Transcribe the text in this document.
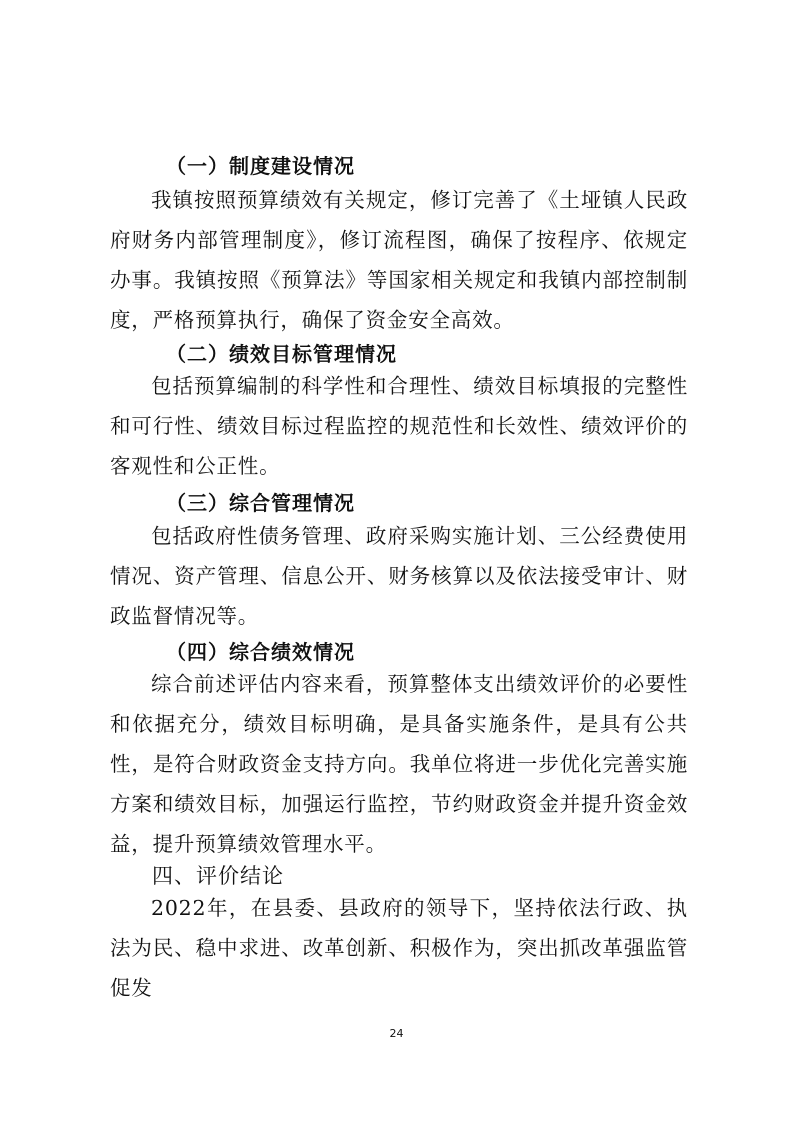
（一）制度建设情况
我镇按照预算绩效有关规定，修订完善了《土垭镇人民政府财务内部管理制度》，修订流程图，确保了按程序、依规定办事。我镇按照《预算法》等国家相关规定和我镇内部控制制度，严格预算执行，确保了资金安全高效。
（二）绩效目标管理情况
包括预算编制的科学性和合理性、绩效目标填报的完整性和可行性、绩效目标过程监控的规范性和长效性、绩效评价的客观性和公正性。
（三）综合管理情况
包括政府性债务管理、政府采购实施计划、三公经费使用情况、资产管理、信息公开、财务核算以及依法接受审计、财政监督情况等。
（四）综合绩效情况
综合前述评估内容来看，预算整体支出绩效评价的必要性和依据充分，绩效目标明确，是具备实施条件，是具有公共性，是符合财政资金支持方向。我单位将进一步优化完善实施方案和绩效目标，加强运行监控，节约财政资金并提升资金效益，提升预算绩效管理水平。
四、评价结论
2022年，在县委、县政府的领导下，坚持依法行政、执法为民、稳中求进、改革创新、积极作为，突出抓改革强监管促发
24
